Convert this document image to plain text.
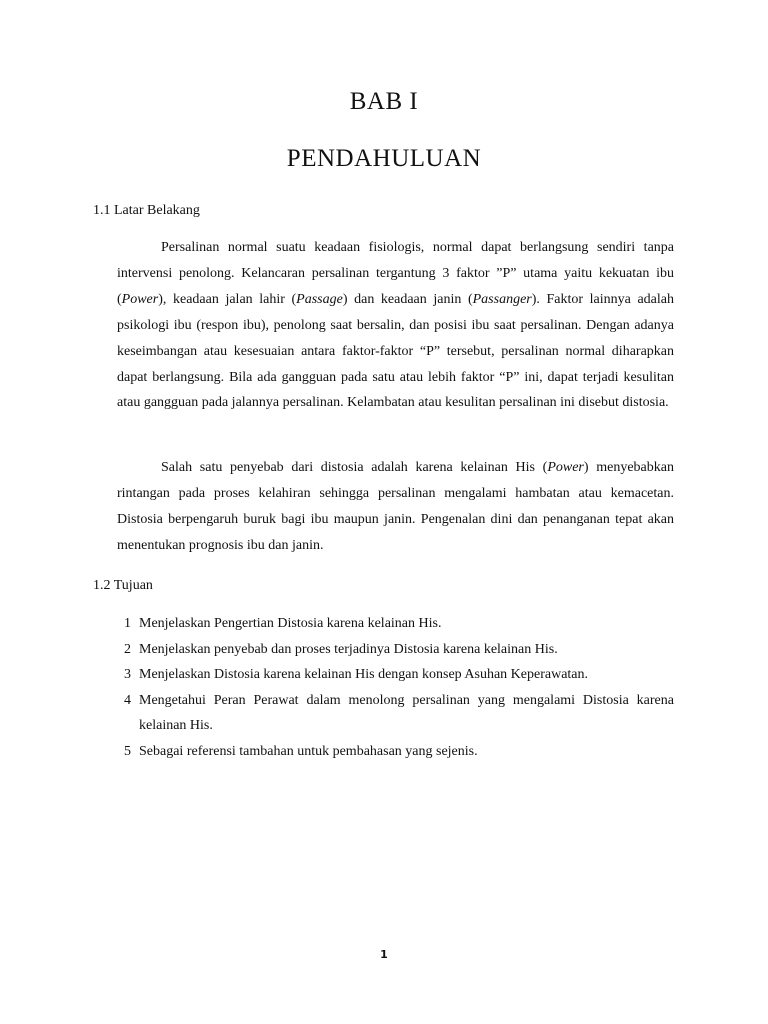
BAB I
PENDAHULUAN
1.1 Latar Belakang

Persalinan normal suatu keadaan fisiologis, normal dapat berlangsung sendiri tanpa intervensi penolong. Kelancaran persalinan tergantung 3 faktor ”P” utama yaitu kekuatan ibu (Power), keadaan jalan lahir (Passage) dan keadaan janin (Passanger). Faktor lainnya adalah psikologi ibu (respon ibu), penolong saat bersalin, dan posisi ibu saat persalinan. Dengan adanya keseimbangan atau kesesuaian antara faktor-faktor “P” tersebut, persalinan normal diharapkan dapat berlangsung. Bila ada gangguan pada satu atau lebih faktor “P” ini, dapat terjadi kesulitan atau gangguan pada jalannya persalinan. Kelambatan atau kesulitan persalinan ini disebut distosia.

Salah satu penyebab dari distosia adalah karena kelainan His (Power) menyebabkan rintangan pada proses kelahiran sehingga persalinan mengalami hambatan atau kemacetan. Distosia berpengaruh buruk bagi ibu maupun janin. Pengenalan dini dan penanganan tepat akan menentukan prognosis ibu dan janin.

1.2 Tujuan
1 Menjelaskan Pengertian Distosia karena kelainan His.
2 Menjelaskan penyebab dan proses terjadinya Distosia karena kelainan His.
3 Menjelaskan Distosia karena kelainan His dengan konsep Asuhan Keperawatan.
4 Mengetahui Peran Perawat dalam menolong persalinan yang mengalami Distosia karena kelainan His.
5 Sebagai referensi tambahan untuk pembahasan yang sejenis.
1
